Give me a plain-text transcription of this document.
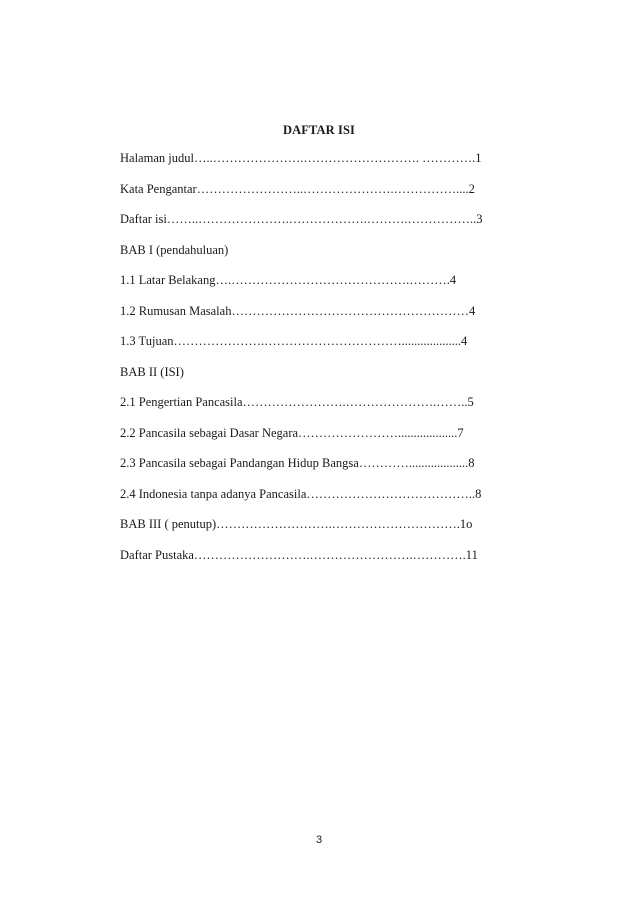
DAFTAR ISI
Halaman judul…..………………….………………………. ………….1
Kata Pengantar……………………..………………….……………....2
Daftar isi……..………………….……………….……….……………..3
BAB I (pendahuluan)
1.1 Latar Belakang….…………………………………….……….4
1.2 Rumusan Masalah…………………………………………………4
1.3 Tujuan………………….……………………………...................4
BAB II (ISI)
2.1 Pengertian Pancasila…………………….………………….……..5
2.2 Pancasila sebagai Dasar Negara……………………...................7
2.3 Pancasila sebagai Pandangan Hidup Bangsa…………...................8
2.4 Indonesia tanpa adanya Pancasila…………………………………..8
BAB III ( penutup)……………………….………………………….1o
Daftar Pustaka……………………….…………………….………….11
3
